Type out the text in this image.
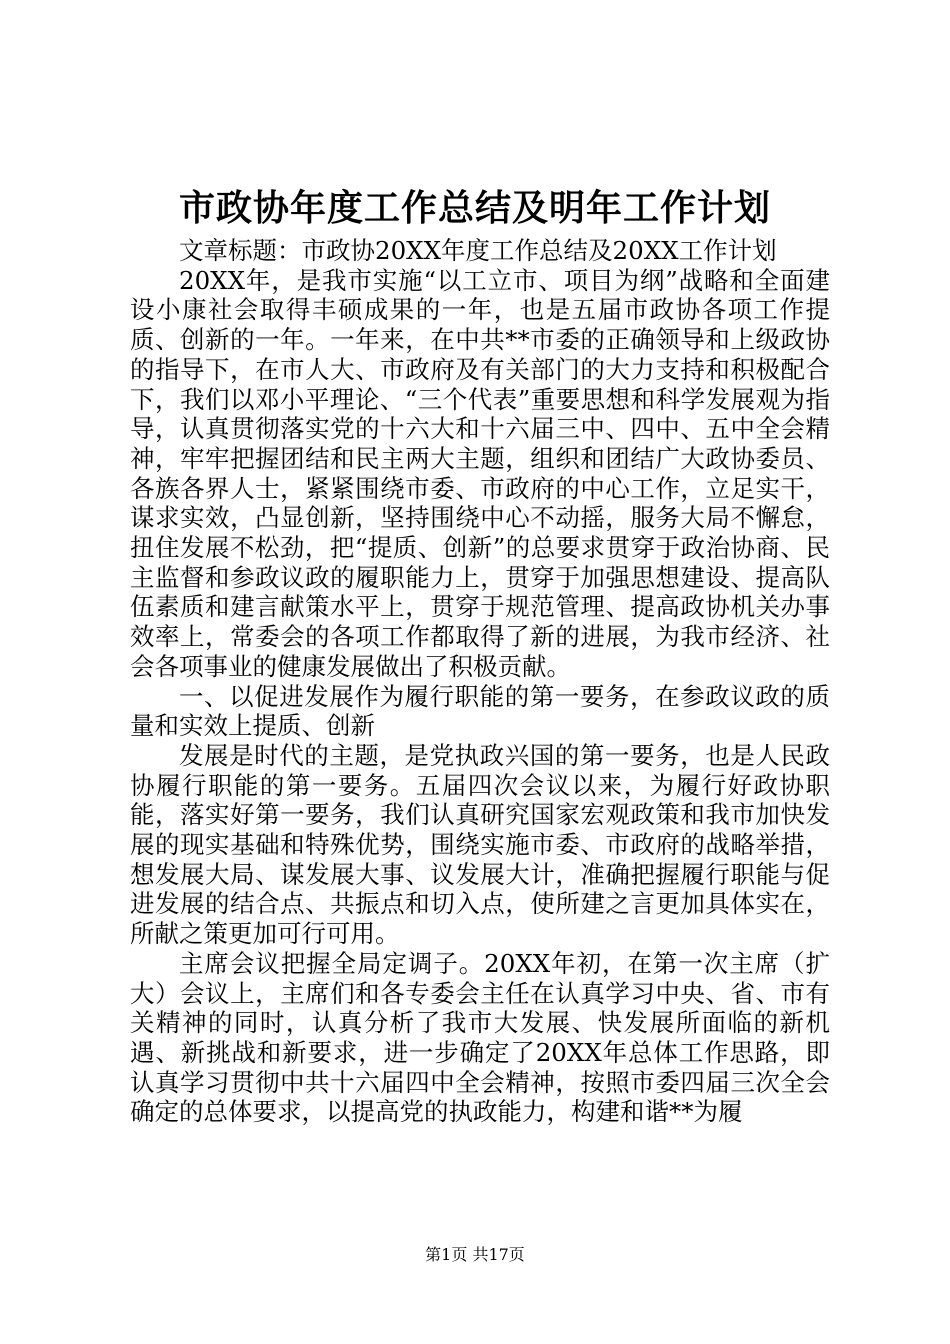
市政协年度工作总结及明年工作计划

文章标题：市政协20XX年度工作总结及20XX工作计划

20XX年，是我市实施“以工立市、项目为纲”战略和全面建设小康社会取得丰硕成果的一年，也是五届市政协各项工作提质、创新的一年。一年来，在中共**市委的正确领导和上级政协的指导下，在市人大、市政府及有关部门的大力支持和积极配合下，我们以邓小平理论、“三个代表”重要思想和科学发展观为指导，认真贯彻落实党的十六大和十六届三中、四中、五中全会精神，牢牢把握团结和民主两大主题，组织和团结广大政协委员、各族各界人士，紧紧围绕市委、市政府的中心工作，立足实干，谋求实效，凸显创新，坚持围绕中心不动摇，服务大局不懈怠，扭住发展不松劲，把“提质、创新”的总要求贯穿于政治协商、民主监督和参政议政的履职能力上，贯穿于加强思想建设、提高队伍素质和建言献策水平上，贯穿于规范管理、提高政协机关办事效率上，常委会的各项工作都取得了新的进展，为我市经济、社会各项事业的健康发展做出了积极贡献。

一、以促进发展作为履行职能的第一要务，在参政议政的质量和实效上提质、创新

发展是时代的主题，是党执政兴国的第一要务，也是人民政协履行职能的第一要务。五届四次会议以来，为履行好政协职能，落实好第一要务，我们认真研究国家宏观政策和我市加快发展的现实基础和特殊优势，围绕实施市委、市政府的战略举措，想发展大局、谋发展大事、议发展大计，准确把握履行职能与促进发展的结合点、共振点和切入点，使所建之言更加具体实在，所献之策更加可行可用。

主席会议把握全局定调子。20XX年初，在第一次主席（扩大）会议上，主席们和各专委会主任在认真学习中央、省、市有关精神的同时，认真分析了我市大发展、快发展所面临的新机遇、新挑战和新要求，进一步确定了20XX年总体工作思路，即认真学习贯彻中共十六届四中全会精神，按照市委四届三次全会确定的总体要求，以提高党的执政能力，构建和谐**为履

第1页 共17页
